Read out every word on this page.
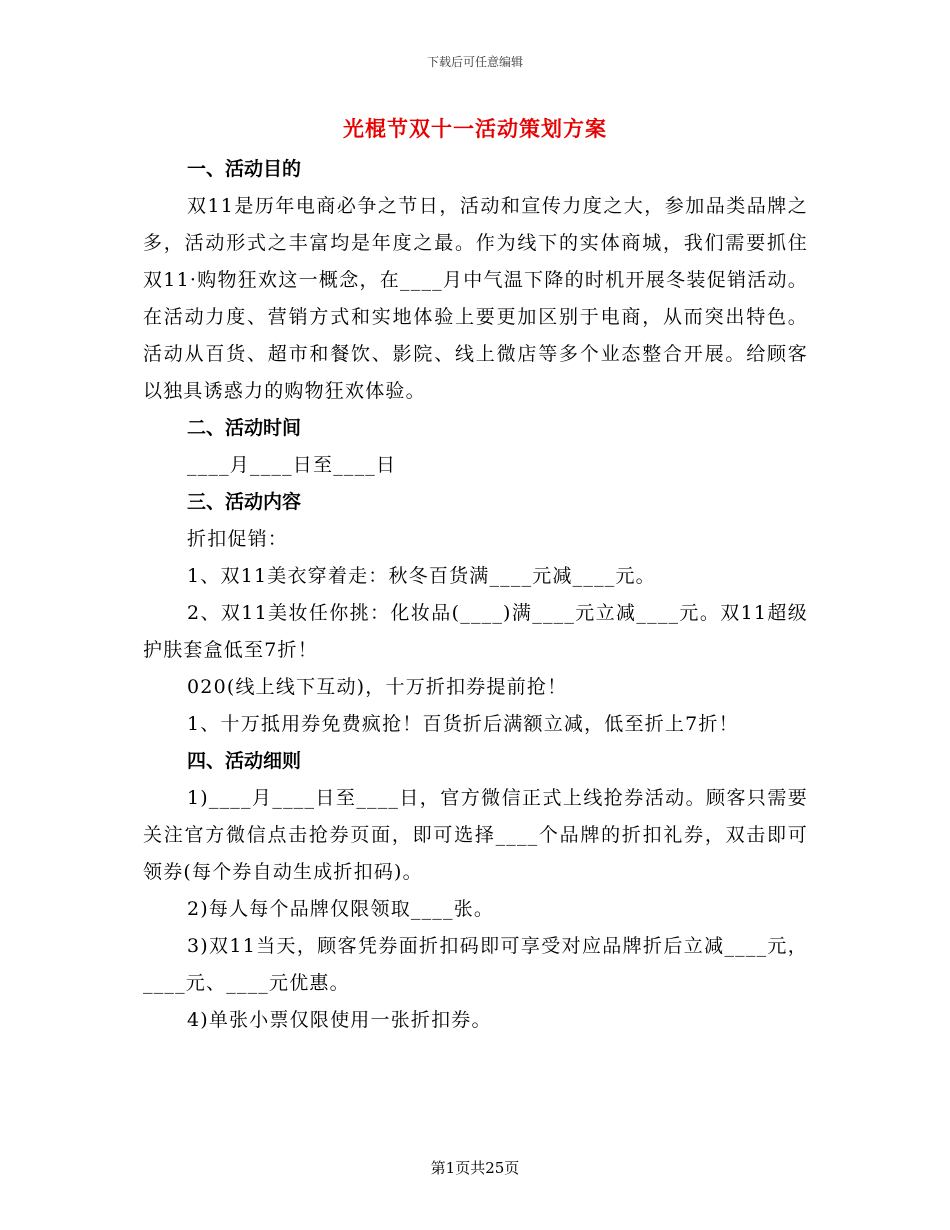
下载后可任意编辑
光棍节双十一活动策划方案

一、活动目的

双11是历年电商必争之节日，活动和宣传力度之大，参加品类品牌之多，活动形式之丰富均是年度之最。作为线下的实体商城，我们需要抓住双11·购物狂欢这一概念，在____月中气温下降的时机开展冬装促销活动。在活动力度、营销方式和实地体验上要更加区别于电商，从而突出特色。活动从百货、超市和餐饮、影院、线上微店等多个业态整合开展。给顾客以独具诱惑力的购物狂欢体验。

二、活动时间

____月____日至____日

三、活动内容

折扣促销：

1、双11美衣穿着走：秋冬百货满____元减____元。

2、双11美妆任你挑：化妆品(____)满____元立减____元。双11超级护肤套盒低至7折！

020(线上线下互动)，十万折扣券提前抢！

1、十万抵用券免费疯抢！百货折后满额立减，低至折上7折！

四、活动细则

1)____月____日至____日，官方微信正式上线抢券活动。顾客只需要关注官方微信点击抢券页面，即可选择____个品牌的折扣礼券，双击即可领券(每个券自动生成折扣码)。

2)每人每个品牌仅限领取____张。

3)双11当天，顾客凭券面折扣码即可享受对应品牌折后立减____元，____元、____元优惠。

4)单张小票仅限使用一张折扣券。

第1页共25页
